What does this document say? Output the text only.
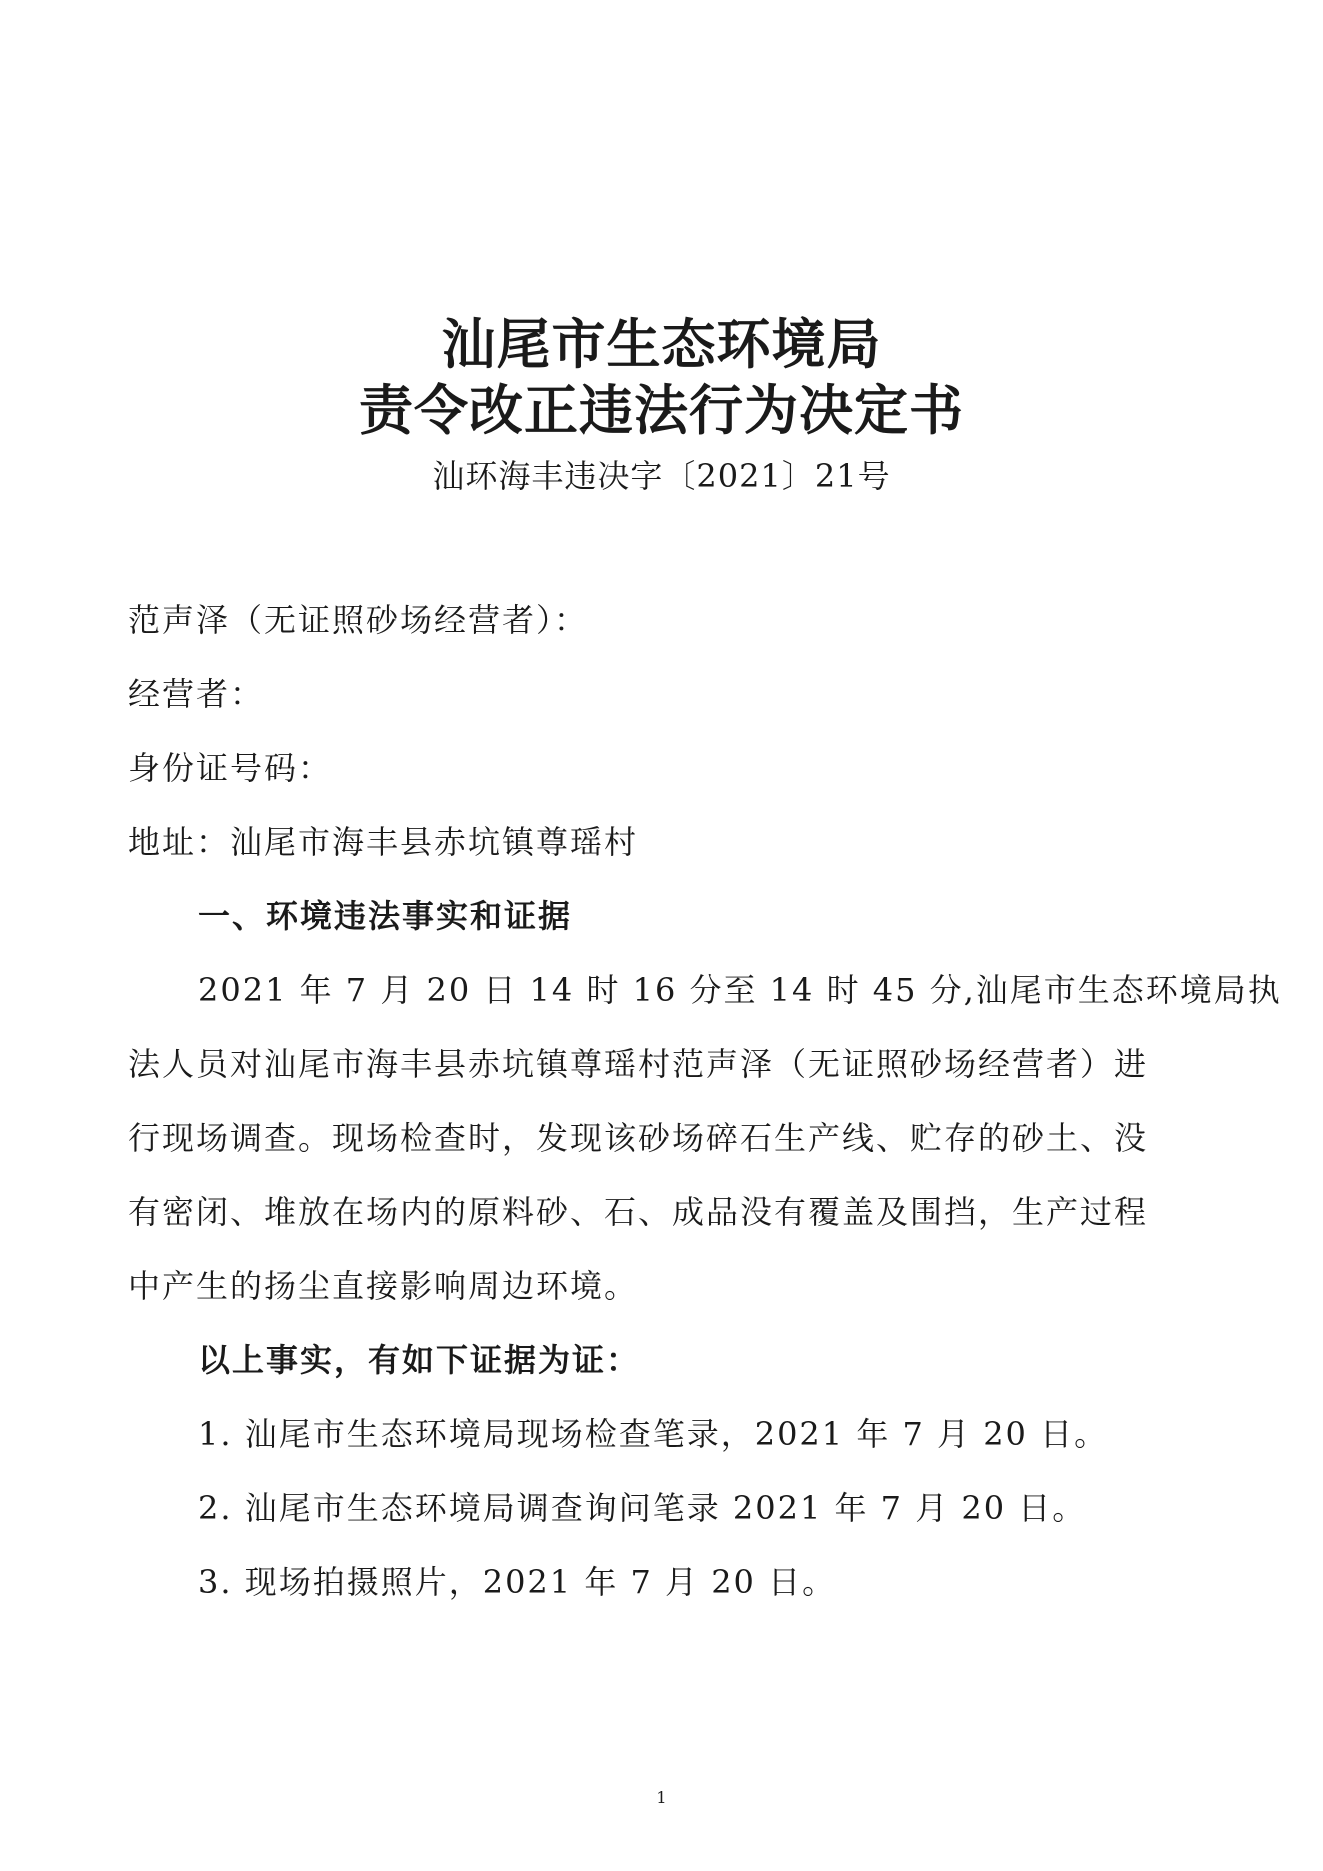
汕尾市生态环境局
责令改正违法行为决定书
汕环海丰违决字〔2021〕21号
范声泽（无证照砂场经营者）：
经营者：
身份证号码：
地址：汕尾市海丰县赤坑镇尊瑶村
一、环境违法事实和证据
2021 年 7 月 20 日 14 时 16 分至 14 时 45 分,汕尾市生态环境局执
法人员对汕尾市海丰县赤坑镇尊瑶村范声泽（无证照砂场经营者）进
行现场调查。现场检查时，发现该砂场碎石生产线、贮存的砂土、没
有密闭、堆放在场内的原料砂、石、成品没有覆盖及围挡，生产过程
中产生的扬尘直接影响周边环境。
以上事实，有如下证据为证：
1. 汕尾市生态环境局现场检查笔录，2021 年 7 月 20 日。
2. 汕尾市生态环境局调查询问笔录 2021 年 7 月 20 日。
3. 现场拍摄照片，2021 年 7 月 20 日。
1
